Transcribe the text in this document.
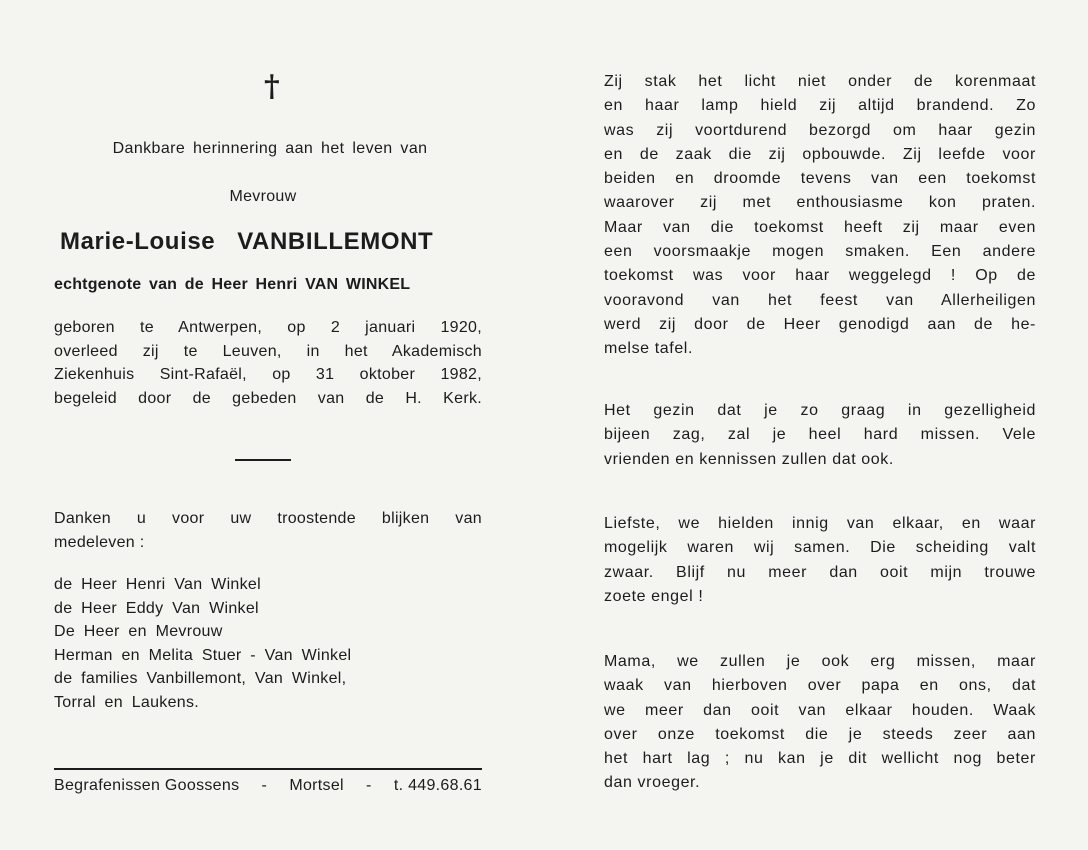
†
Dankbare herinnering aan het leven van
Mevrouw
Marie-Louise VANBILLEMONT
echtgenote van de Heer Henri VAN WINKEL
geboren te Antwerpen, op 2 januari 1920,
overleed zij te Leuven, in het Akademisch
Ziekenhuis Sint-Rafaël, op 31 oktober 1982,
begeleid door de gebeden van de H. Kerk.
Danken u voor uw troostende blijken van
medeleven :
de Heer Henri Van Winkel
de Heer Eddy Van Winkel
De Heer en Mevrouw
Herman en Melita Stuer - Van Winkel
de families Vanbillemont, Van Winkel,
Torral en Laukens.
Begrafenissen Goossens - Mortsel - t. 449.68.61
Zij stak het licht niet onder de korenmaat
en haar lamp hield zij altijd brandend. Zo
was zij voortdurend bezorgd om haar gezin
en de zaak die zij opbouwde. Zij leefde voor
beiden en droomde tevens van een toekomst
waarover zij met enthousiasme kon praten.
Maar van die toekomst heeft zij maar even
een voorsmaakje mogen smaken. Een andere
toekomst was voor haar weggelegd ! Op de
vooravond van het feest van Allerheiligen
werd zij door de Heer genodigd aan de he-
melse tafel.
Het gezin dat je zo graag in gezelligheid
bijeen zag, zal je heel hard missen. Vele
vrienden en kennissen zullen dat ook.
Liefste, we hielden innig van elkaar, en waar
mogelijk waren wij samen. Die scheiding valt
zwaar. Blijf nu meer dan ooit mijn trouwe
zoete engel !
Mama, we zullen je ook erg missen, maar
waak van hierboven over papa en ons, dat
we meer dan ooit van elkaar houden. Waak
over onze toekomst die je steeds zeer aan
het hart lag ; nu kan je dit wellicht nog beter
dan vroeger.
